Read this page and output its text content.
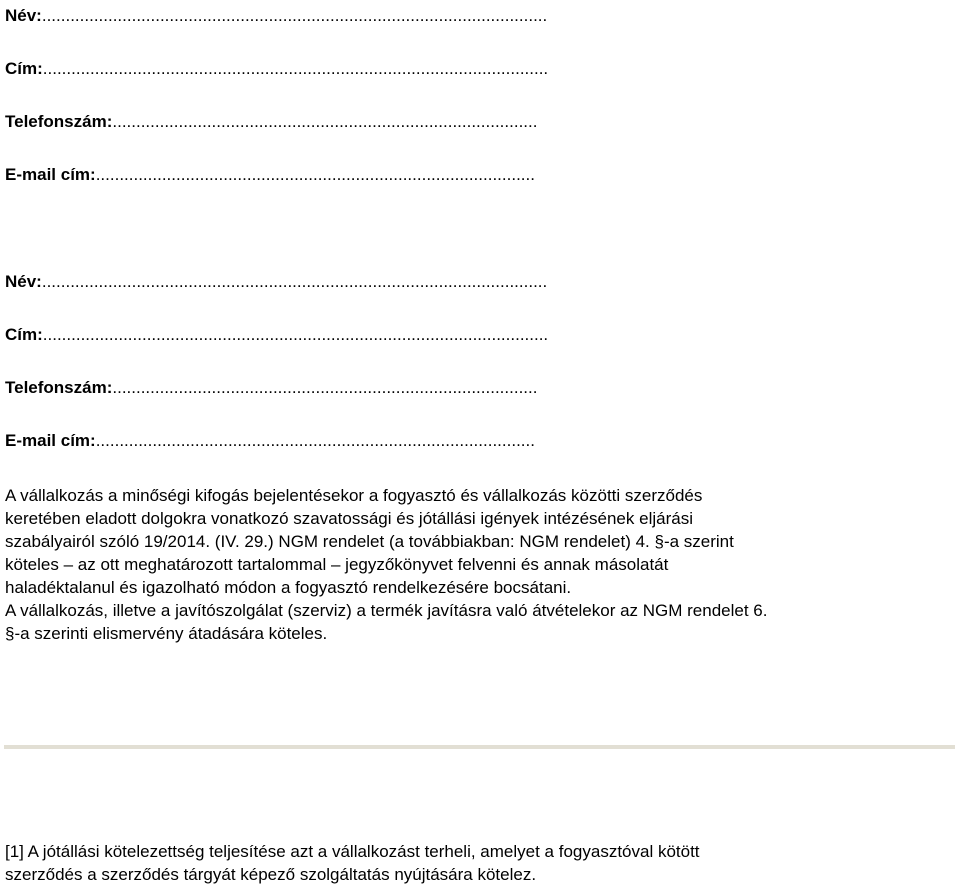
Név:...........................................................................................................
Cím:...........................................................................................................
Telefonszám:..........................................................................................
E-mail cím:.............................................................................................
Név:...........................................................................................................
Cím:...........................................................................................................
Telefonszám:..........................................................................................
E-mail cím:.............................................................................................
A vállalkozás a minőségi kifogás bejelentésekor a fogyasztó és vállalkozás közötti szerződés
keretében eladott dolgokra vonatkozó szavatossági és jótállási igények intézésének eljárási
szabályairól szóló 19/2014. (IV. 29.) NGM rendelet (a továbbiakban: NGM rendelet) 4. §-a szerint
köteles – az ott meghatározott tartalommal – jegyzőkönyvet felvenni és annak másolatát
haladéktalanul és igazolható módon a fogyasztó rendelkezésére bocsátani.
A vállalkozás, illetve a javítószolgálat (szerviz) a termék javításra való átvételekor az NGM rendelet 6.
§-a szerinti elismervény átadására köteles.
[1] A jótállási kötelezettség teljesítése azt a vállalkozást terheli, amelyet a fogyasztóval kötött
szerződés a szerződés tárgyát képező szolgáltatás nyújtására kötelez.
